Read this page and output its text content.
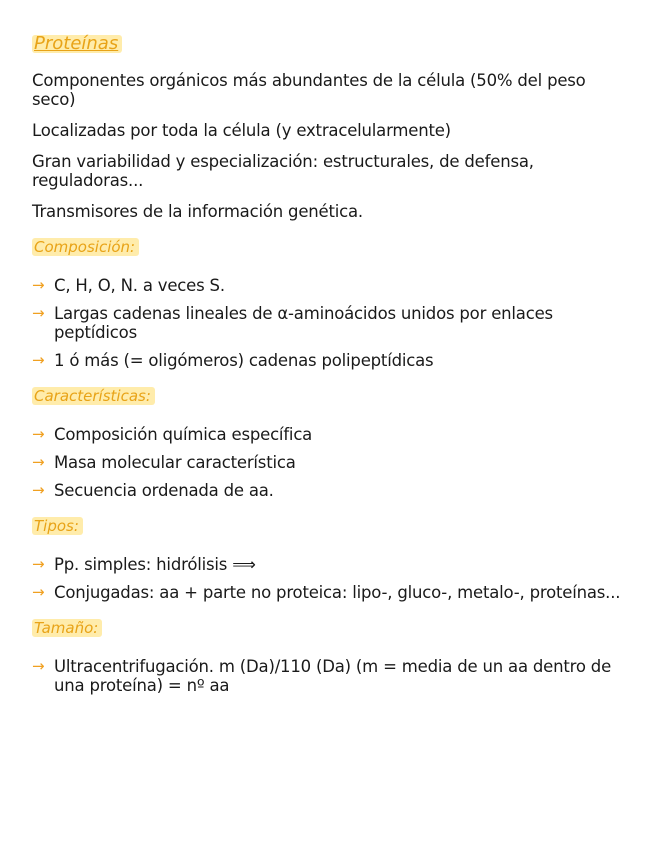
Proteínas

Componentes orgánicos más abundantes de la célula (50% del peso seco)

Localizadas por toda la célula (y extracelularmente)

Gran variabilidad y especialización: estructurales, de defensa, reguladoras...

Transmisores de la información genética.

Composición:
→ C, H, O, N. a veces S.
→ Largas cadenas lineales de α-aminoácidos unidos por enlaces peptídicos
→ 1 ó más (= oligómeros) cadenas polipeptídicas
Características:
→ Composición química específica
→ Masa molecular característica
→ Secuencia ordenada de aa.
Tipos:
→ Pp. simples: hidrólisis ⟹
→ Conjugadas: aa + parte no proteica: lipo-, gluco-, metalo-, proteínas...
Tamaño:
→ Ultracentrifugación. m (Da)/110 (Da) (m = media de un aa dentro de una proteína) = nº aa
